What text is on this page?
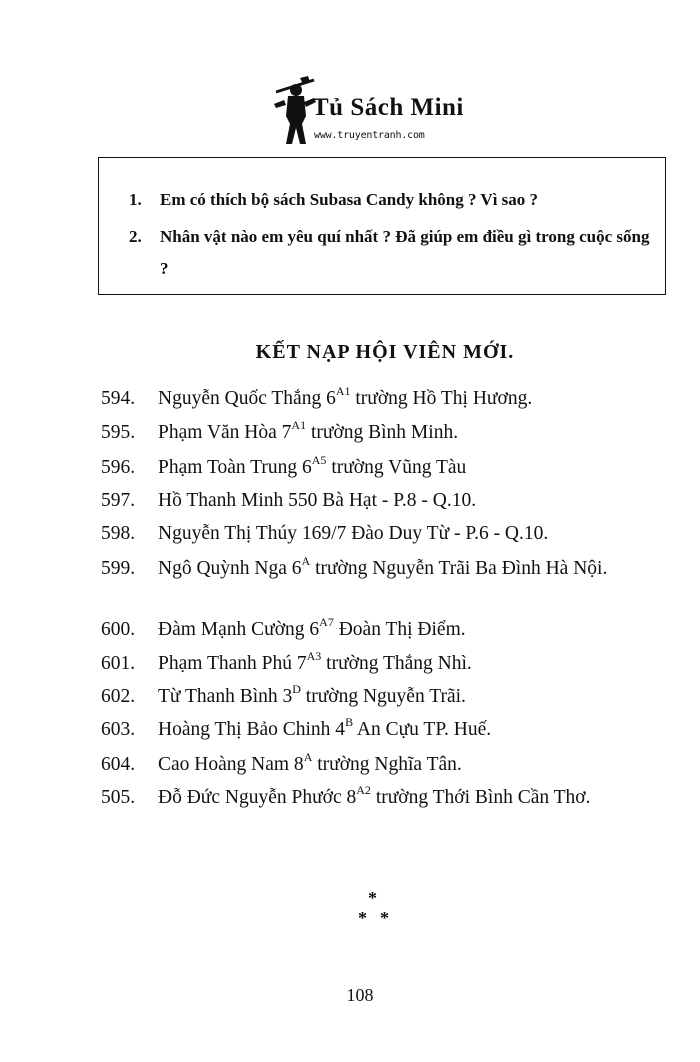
Tủ Sách Mini
www.truyentranh.com
1. Em có thích bộ sách Subasa Candy không ? Vì sao ?
2. Nhân vật nào em yêu quí nhất ? Đã giúp em điều gì trong cuộc sống ?
KẾT NẠP HỘI VIÊN MỚI.
594. Nguyễn Quốc Thắng $6^{A1}$ trường Hồ Thị Hương.
595. Phạm Văn Hòa $7^{A1}$ trường Bình Minh.
596. Phạm Toàn Trung $6^{A5}$ trường Vũng Tàu
597. Hồ Thanh Minh 550 Bà Hạt - P.8 - Q.10.
598. Nguyễn Thị Thúy 169/7 Đào Duy Từ - P.6 - Q.10.
599. Ngô Quỳnh Nga $6^A$ trường Nguyễn Trãi Ba Đình Hà Nội.
600. Đàm Mạnh Cường $6^{A7}$ Đoàn Thị Điểm.
601. Phạm Thanh Phú $7^{A3}$ trường Thắng Nhì.
602. Từ Thanh Bình $3^D$ trường Nguyễn Trãi.
603. Hoàng Thị Bảo Chinh $4^B$ An Cựu TP. Huế.
604. Cao Hoàng Nam $8^A$ trường Nghĩa Tân.
505. Đỗ Đức Nguyễn Phước $8^{A2}$ trường Thới Bình Cần Thơ.
*
* *
108
